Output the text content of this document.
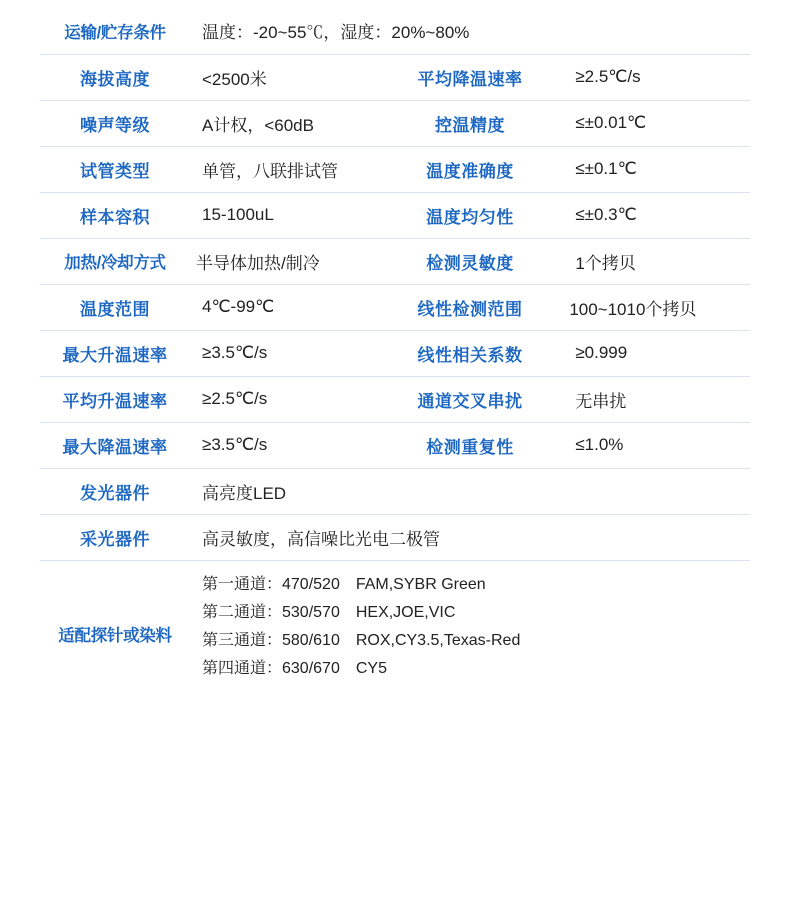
运输/贮存条件	温度：-20~55℃，湿度：20%~80%		
海拔高度	<2500米	平均降温速率	≥2.5℃/s
噪声等级	A计权，<60dB	控温精度	≤±0.01℃
试管类型	单管，八联排试管	温度准确度	≤±0.1℃
样本容积	15-100uL	温度均匀性	≤±0.3℃
加热/冷却方式	半导体加热/制冷	检测灵敏度	1个拷贝
温度范围	4℃-99℃	线性检测范围	100~1010个拷贝
最大升温速率	≥3.5℃/s	线性相关系数	≥0.999
平均升温速率	≥2.5℃/s	通道交叉串扰	无串扰
最大降温速率	≥3.5℃/s	检测重复性	≤1.0%
发光器件	高亮度LED		
采光器件	高灵敏度，高信噪比光电二极管		
适配探针或染料	第一通道：470/520　FAM,SYBR Green
第二通道：530/570　HEX,JOE,VIC
第三通道：580/610　ROX,CY3.5,Texas-Red
第四通道：630/670　CY5		
